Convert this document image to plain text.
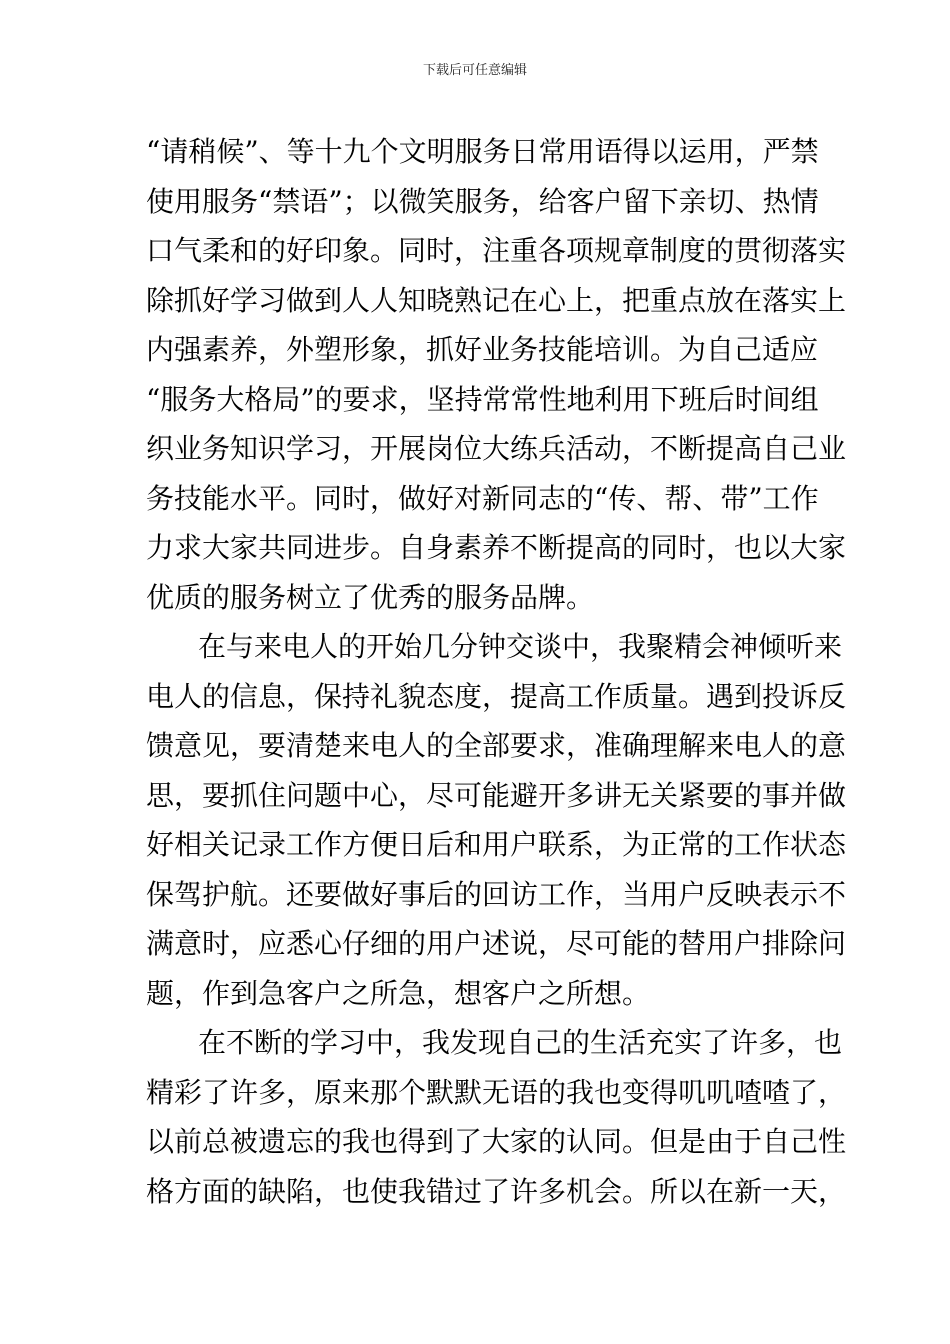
下载后可任意编辑
“请稍候”、等十九个文明服务日常用语得以运用，严禁
使用服务“禁语”；以微笑服务，给客户留下亲切、热情
口气柔和的好印象。同时，注重各项规章制度的贯彻落实
除抓好学习做到人人知晓熟记在心上，把重点放在落实上
内强素养，外塑形象，抓好业务技能培训。为自己适应
“服务大格局”的要求，坚持常常性地利用下班后时间组
织业务知识学习，开展岗位大练兵活动，不断提高自己业
务技能水平。同时，做好对新同志的“传、帮、带”工作
力求大家共同进步。自身素养不断提高的同时，也以大家
优质的服务树立了优秀的服务品牌。
在与来电人的开始几分钟交谈中，我聚精会神倾听来
电人的信息，保持礼貌态度，提高工作质量。遇到投诉反
馈意见，要清楚来电人的全部要求，准确理解来电人的意
思，要抓住问题中心，尽可能避开多讲无关紧要的事并做
好相关记录工作方便日后和用户联系，为正常的工作状态
保驾护航。还要做好事后的回访工作，当用户反映表示不
满意时，应悉心仔细的用户述说，尽可能的替用户排除问
题，作到急客户之所急，想客户之所想。
在不断的学习中，我发现自己的生活充实了许多，也
精彩了许多，原来那个默默无语的我也变得叽叽喳喳了，
以前总被遗忘的我也得到了大家的认同。但是由于自己性
格方面的缺陷，也使我错过了许多机会。所以在新一天，
